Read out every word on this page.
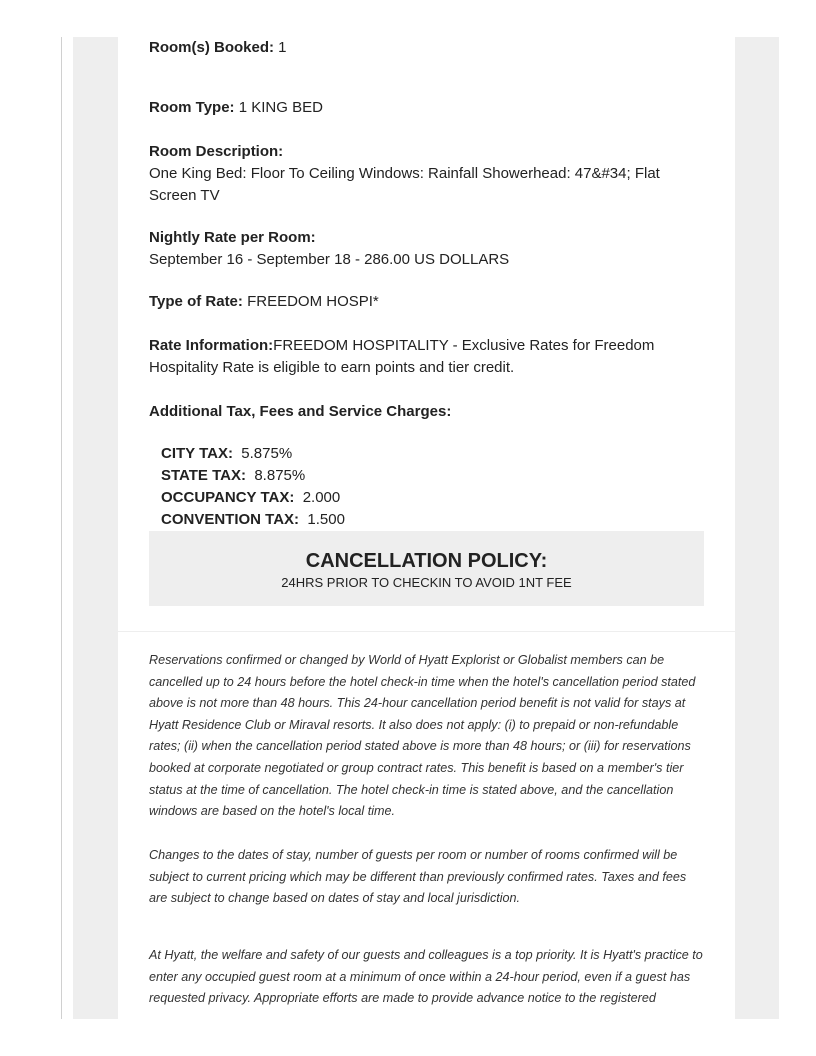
Room(s) Booked: 1
Room Type: 1 KING BED
Room Description:
One King Bed: Floor To Ceiling Windows: Rainfall Showerhead: 47&#34; Flat Screen TV
Nightly Rate per Room:
September 16 - September 18 - 286.00 US DOLLARS
Type of Rate: FREEDOM HOSPI*
Rate Information:FREEDOM HOSPITALITY - Exclusive Rates for Freedom Hospitality Rate is eligible to earn points and tier credit.
Additional Tax, Fees and Service Charges:
CITY TAX: 5.875%
STATE TAX: 8.875%
OCCUPANCY TAX: 2.000
CONVENTION TAX: 1.500
CANCELLATION POLICY:
24HRS PRIOR TO CHECKIN TO AVOID 1NT FEE
Reservations confirmed or changed by World of Hyatt Explorist or Globalist members can be cancelled up to 24 hours before the hotel check-in time when the hotel's cancellation period stated above is not more than 48 hours. This 24-hour cancellation period benefit is not valid for stays at Hyatt Residence Club or Miraval resorts. It also does not apply: (i) to prepaid or non-refundable rates; (ii) when the cancellation period stated above is more than 48 hours; or (iii) for reservations booked at corporate negotiated or group contract rates. This benefit is based on a member's tier status at the time of cancellation. The hotel check-in time is stated above, and the cancellation windows are based on the hotel's local time.
Changes to the dates of stay, number of guests per room or number of rooms confirmed will be subject to current pricing which may be different than previously confirmed rates. Taxes and fees are subject to change based on dates of stay and local jurisdiction.
At Hyatt, the welfare and safety of our guests and colleagues is a top priority. It is Hyatt's practice to enter any occupied guest room at a minimum of once within a 24-hour period, even if a guest has requested privacy. Appropriate efforts are made to provide advance notice to the registered
